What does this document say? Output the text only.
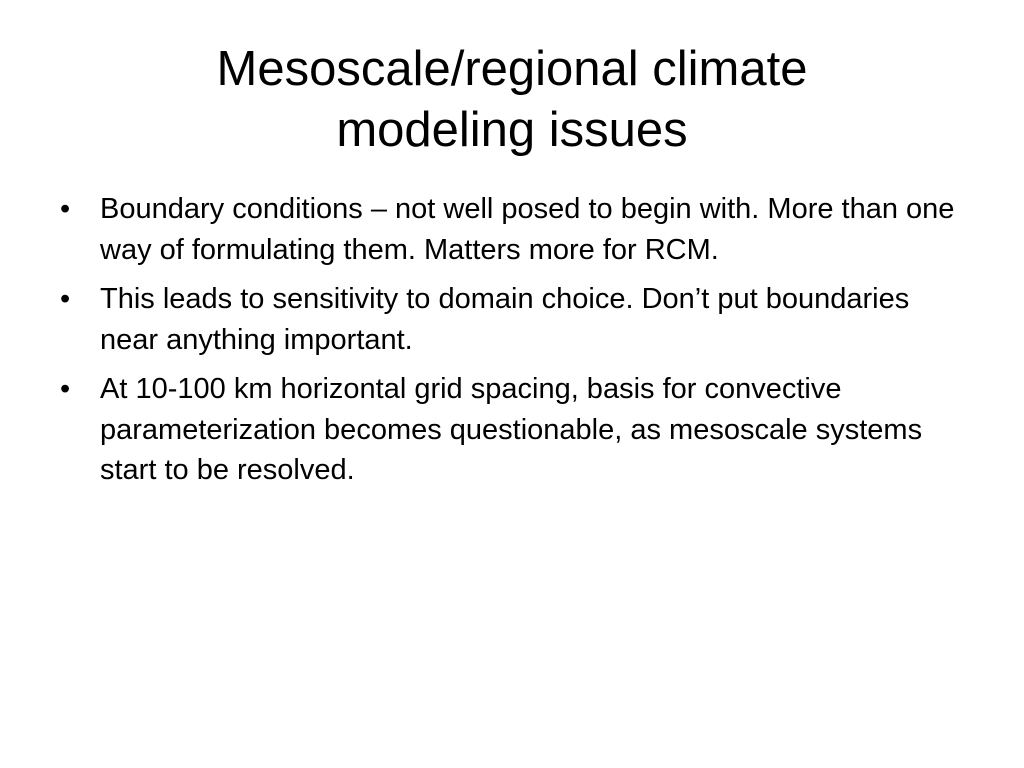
Mesoscale/regional climate
modeling issues
•	Boundary conditions – not well posed to begin with. More than one way of formulating them. Matters more for RCM.
•	This leads to sensitivity to domain choice. Don’t put boundaries near anything important.
•	At 10-100 km horizontal grid spacing, basis for convective parameterization becomes questionable, as mesoscale systems start to be resolved.
